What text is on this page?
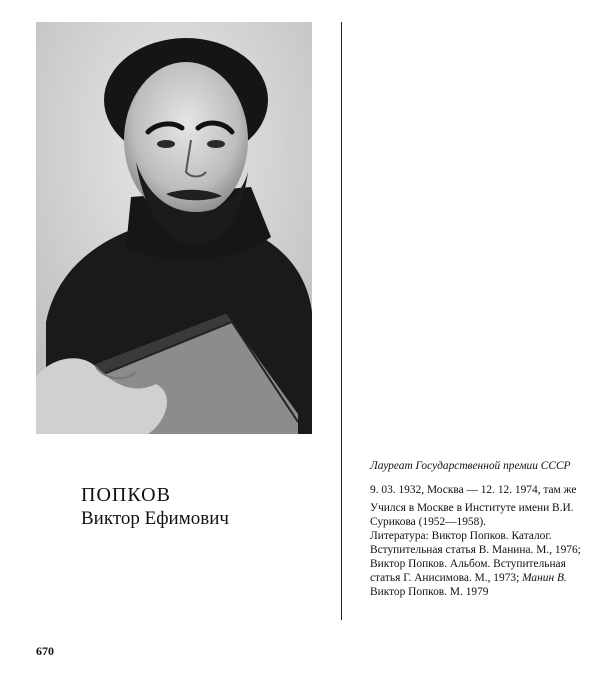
ПОПКОВ
Виктор Ефимович

Лауреат Государственной премии СССР

9. 03. 1932, Москва — 12. 12. 1974, там же

Учился в Москве в Институте имени В.И. Сурикова (1952—1958).

Литература: Виктор Попков. Каталог. Вступительная статья В. Манина. М., 1976; Виктор Попков. Альбом. Вступительная статья Г. Анисимова. М., 1973; Манин В. Виктор Попков. М. 1979

670
